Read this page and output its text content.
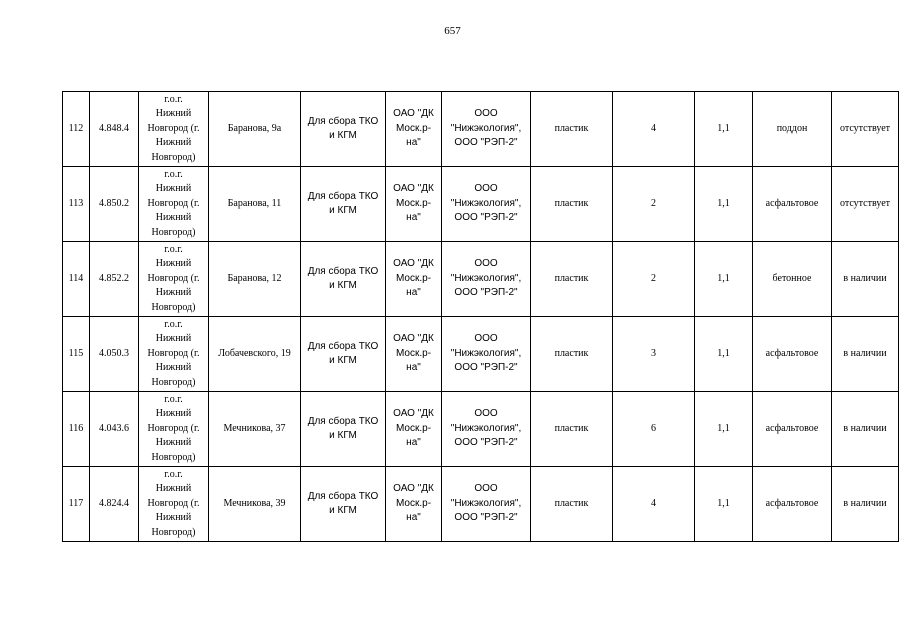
657
112	4.848.4	г.о.г.
Нижний
Новгород (г.
Нижний
Новгород)	Баранова, 9а	Для сбора ТКО
и КГМ	ОАО "ДК
Моск.р-
на"	ООО
"Нижэкология",
ООО "РЭП-2"	пластик	4	1,1	поддон	отсутствует
113	4.850.2	г.о.г.
Нижний
Новгород (г.
Нижний
Новгород)	Баранова, 11	Для сбора ТКО
и КГМ	ОАО "ДК
Моск.р-
на"	ООО
"Нижэкология",
ООО "РЭП-2"	пластик	2	1,1	асфальтовое	отсутствует
114	4.852.2	г.о.г.
Нижний
Новгород (г.
Нижний
Новгород)	Баранова, 12	Для сбора ТКО
и КГМ	ОАО "ДК
Моск.р-
на"	ООО
"Нижэкология",
ООО "РЭП-2"	пластик	2	1,1	бетонное	в наличии
115	4.050.3	г.о.г.
Нижний
Новгород (г.
Нижний
Новгород)	Лобачевского, 19	Для сбора ТКО
и КГМ	ОАО "ДК
Моск.р-
на"	ООО
"Нижэкология",
ООО "РЭП-2"	пластик	3	1,1	асфальтовое	в наличии
116	4.043.6	г.о.г.
Нижний
Новгород (г.
Нижний
Новгород)	Мечникова, 37	Для сбора ТКО
и КГМ	ОАО "ДК
Моск.р-
на"	ООО
"Нижэкология",
ООО "РЭП-2"	пластик	6	1,1	асфальтовое	в наличии
117	4.824.4	г.о.г.
Нижний
Новгород (г.
Нижний
Новгород)	Мечникова, 39	Для сбора ТКО
и КГМ	ОАО "ДК
Моск.р-
на"	ООО
"Нижэкология",
ООО "РЭП-2"	пластик	4	1,1	асфальтовое	в наличии
